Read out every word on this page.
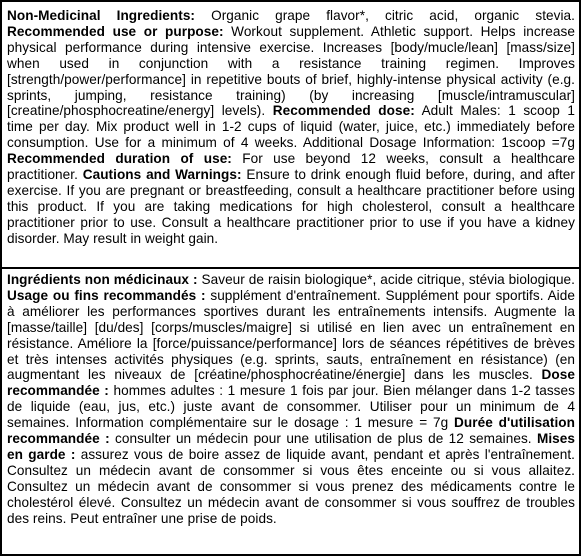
Non-Medicinal Ingredients: Organic grape flavor*, citric acid, organic stevia. Recommended use or purpose: Workout supplement. Athletic support. Helps increase physical performance during intensive exercise. Increases [body/mucle/lean] [mass/size] when used in conjunction with a resistance training regimen. Improves [strength/power/performance] in repetitive bouts of brief, highly-intense physical activity (e.g. sprints, jumping, resistance training) (by increasing [muscle/intramuscular] [creatine/phosphocreatine/energy] levels). Recommended dose: Adult Males: 1 scoop 1 time per day. Mix product well in 1-2 cups of liquid (water, juice, etc.) immediately before consumption. Use for a minimum of 4 weeks. Additional Dosage Information: 1scoop =7g Recommended duration of use: For use beyond 12 weeks, consult a healthcare practitioner. Cautions and Warnings: Ensure to drink enough fluid before, during, and after exercise. If you are pregnant or breastfeeding, consult a healthcare practitioner before using this product. If you are taking medications for high cholesterol, consult a healthcare practitioner prior to use. Consult a healthcare practitioner prior to use if you have a kidney disorder. May result in weight gain.
Ingrédients non médicinaux : Saveur de raisin biologique*, acide citrique, stévia biologique. Usage ou fins recommandés : supplément d'entraînement. Supplément pour sportifs. Aide à améliorer les performances sportives durant les entraînements intensifs. Augmente la [masse/taille] [du/des] [corps/muscles/maigre] si utilisé en lien avec un entraînement en résistance. Améliore la [force/puissance/performance] lors de séances répétitives de brèves et très intenses activités physiques (e.g. sprints, sauts, entraînement en résistance) (en augmentant les niveaux de [créatine/phosphocréatine/énergie] dans les muscles. Dose recommandée : hommes adultes : 1 mesure 1 fois par jour. Bien mélanger dans 1-2 tasses de liquide (eau, jus, etc.) juste avant de consommer. Utiliser pour un minimum de 4 semaines. Information complémentaire sur le dosage : 1 mesure = 7g Durée d'utilisation recommandée : consulter un médecin pour une utilisation de plus de 12 semaines. Mises en garde : assurez vous de boire assez de liquide avant, pendant et après l'entraînement. Consultez un médecin avant de consommer si vous êtes enceinte ou si vous allaitez. Consultez un médecin avant de consommer si vous prenez des médicaments contre le cholestérol élevé. Consultez un médecin avant de consommer si vous souffrez de troubles des reins. Peut entraîner une prise de poids.
